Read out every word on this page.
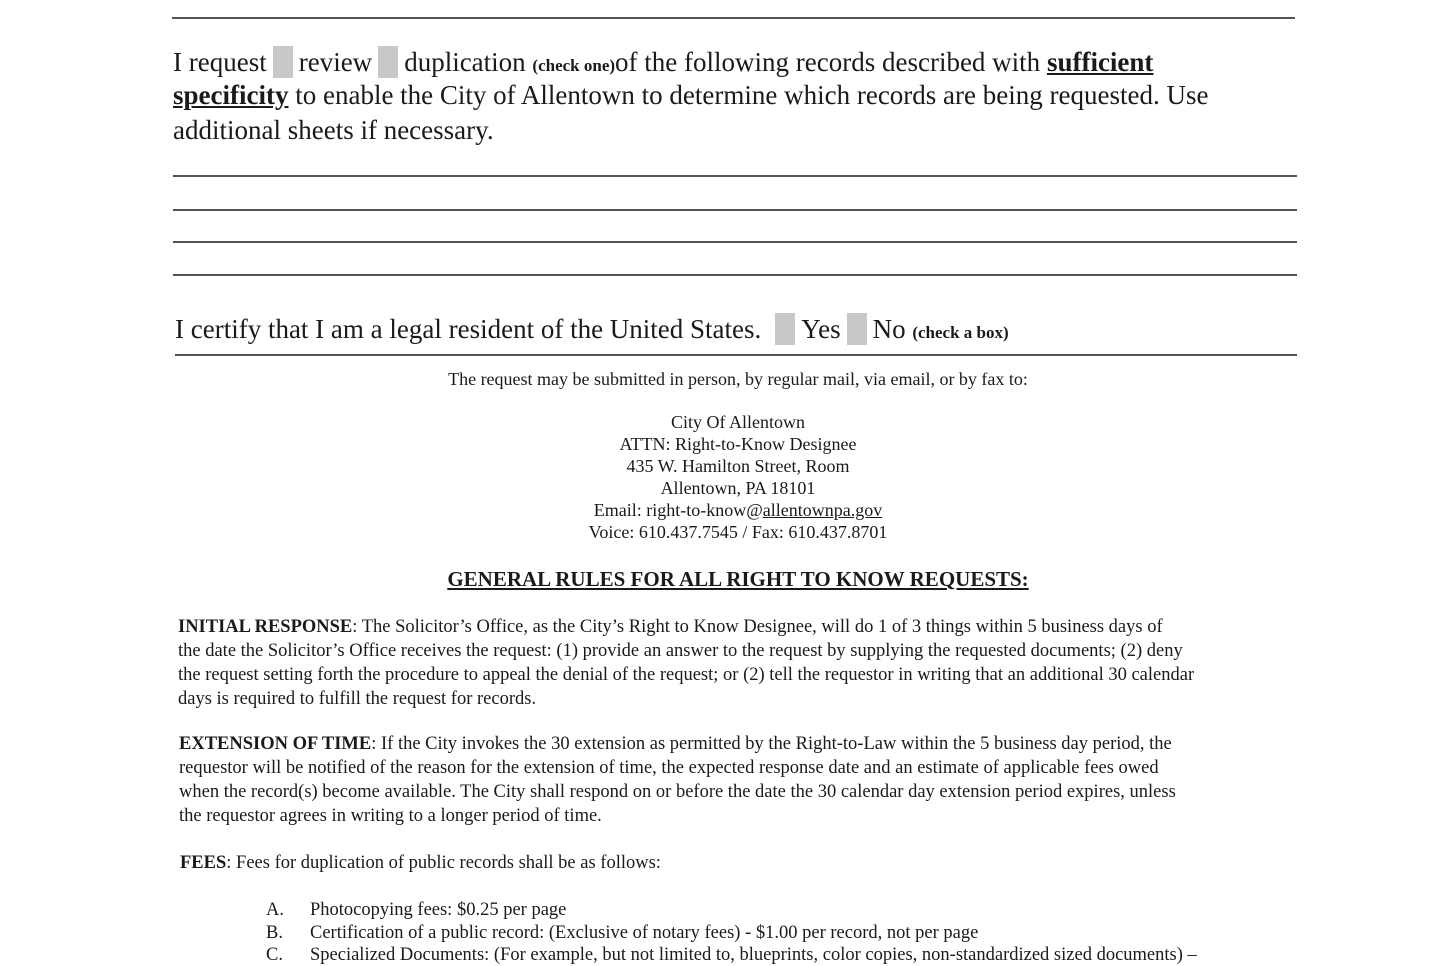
I request review duplication (check one)of the following records described with sufficient
specificity to enable the City of Allentown to determine which records are being requested. Use
additional sheets if necessary.
I certify that I am a legal resident of the United States. Yes No (check a box)
The request may be submitted in person, by regular mail, via email, or by fax to:
City Of Allentown
ATTN: Right-to-Know Designee
435 W. Hamilton Street, Room
Allentown, PA 18101
Email: right-to-know@allentownpa.gov
Voice: 610.437.7545 / Fax: 610.437.8701
GENERAL RULES FOR ALL RIGHT TO KNOW REQUESTS:
INITIAL RESPONSE: The Solicitor’s Office, as the City’s Right to Know Designee, will do 1 of 3 things within 5 business days of
the date the Solicitor’s Office receives the request: (1) provide an answer to the request by supplying the requested documents; (2) deny
the request setting forth the procedure to appeal the denial of the request; or (2) tell the requestor in writing that an additional 30 calendar
days is required to fulfill the request for records.
EXTENSION OF TIME: If the City invokes the 30 extension as permitted by the Right-to-Law within the 5 business day period, the
requestor will be notified of the reason for the extension of time, the expected response date and an estimate of applicable fees owed
when the record(s) become available. The City shall respond on or before the date the 30 calendar day extension period expires, unless
the requestor agrees in writing to a longer period of time.
FEES: Fees for duplication of public records shall be as follows:
A. Photocopying fees: $0.25 per page
B. Certification of a public record: (Exclusive of notary fees) - $1.00 per record, not per page
C. Specialized Documents: (For example, but not limited to, blueprints, color copies, non-standardized sized documents) –
